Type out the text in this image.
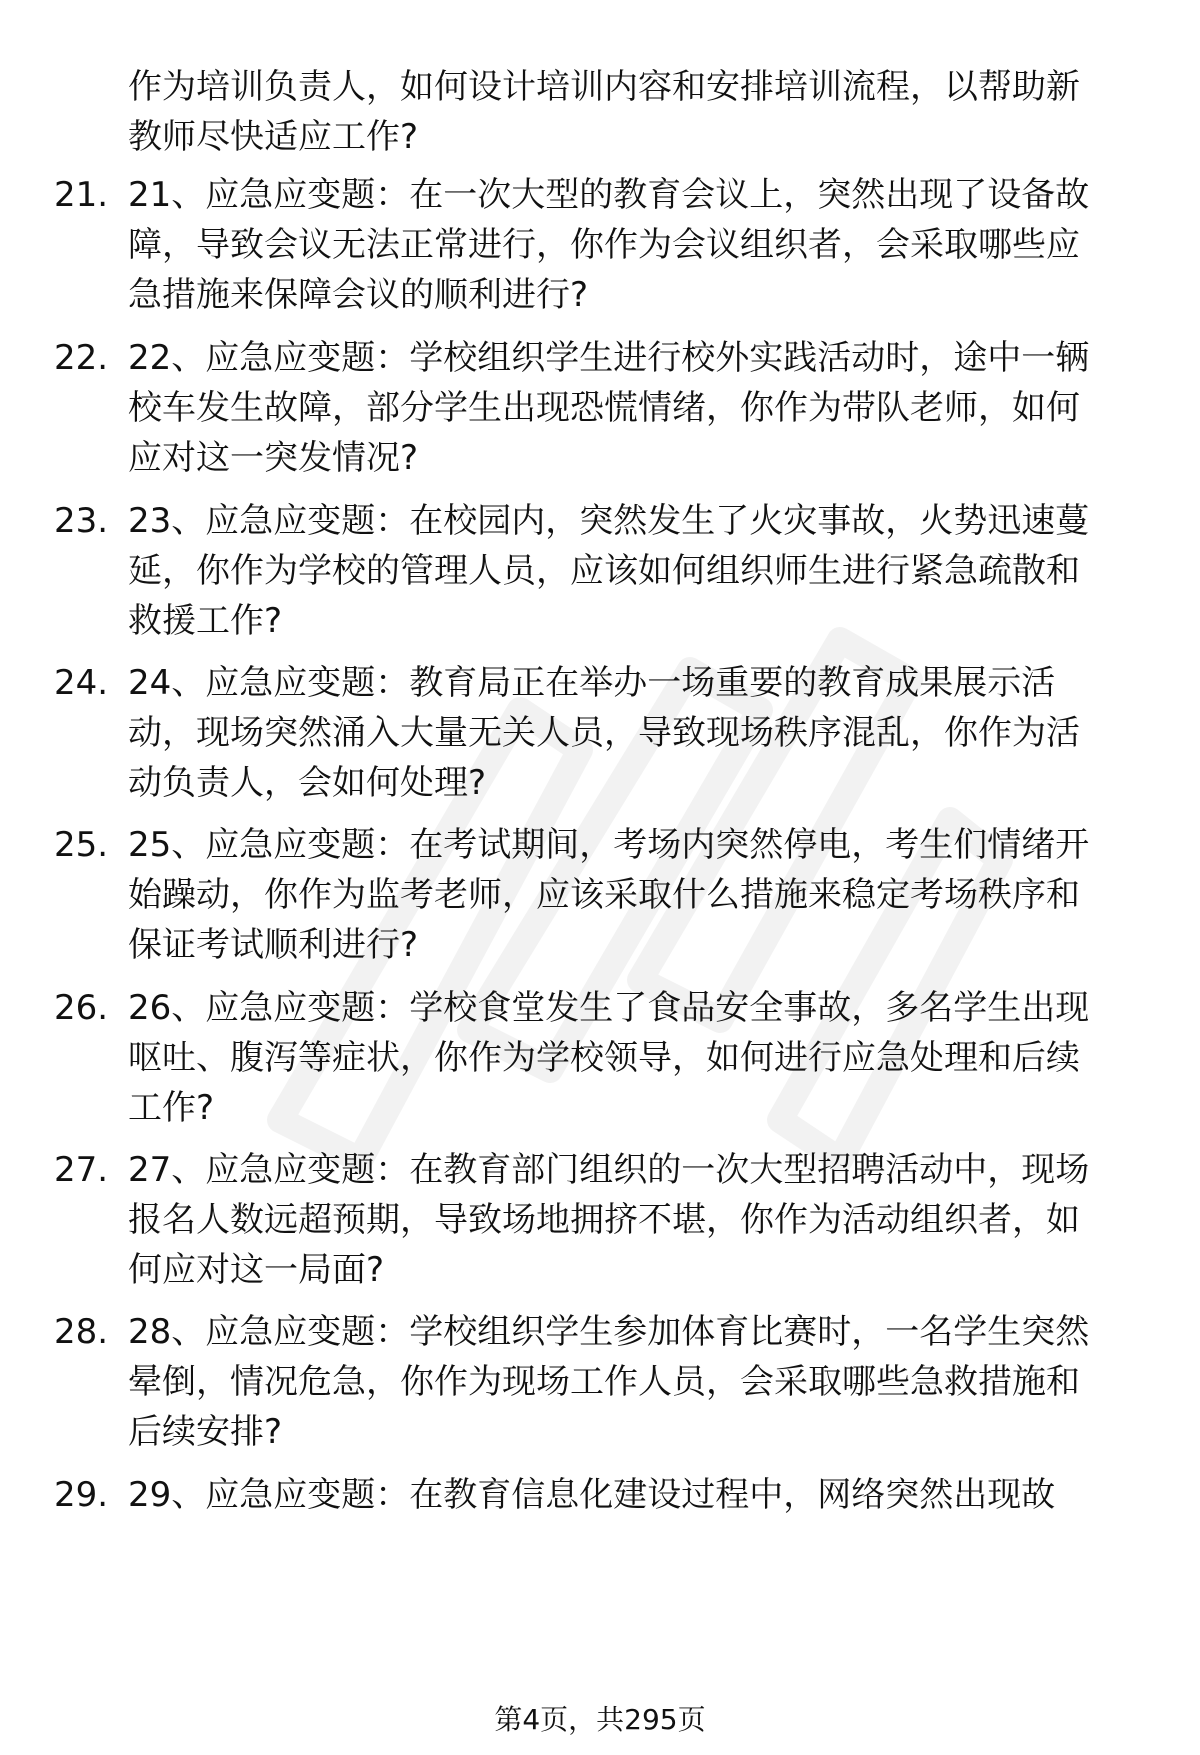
作为培训负责人，如何设计培训内容和安排培训流程，以帮助新
教师尽快适应工作?
21. 21、应急应变题：在一次大型的教育会议上，突然出现了设备故
障，导致会议无法正常进行，你作为会议组织者，会采取哪些应
急措施来保障会议的顺利进行?
22. 22、应急应变题：学校组织学生进行校外实践活动时，途中一辆
校车发生故障，部分学生出现恐慌情绪，你作为带队老师，如何
应对这一突发情况?
23. 23、应急应变题：在校园内，突然发生了火灾事故，火势迅速蔓
延，你作为学校的管理人员，应该如何组织师生进行紧急疏散和
救援工作?
24. 24、应急应变题：教育局正在举办一场重要的教育成果展示活
动，现场突然涌入大量无关人员，导致现场秩序混乱，你作为活
动负责人，会如何处理?
25. 25、应急应变题：在考试期间，考场内突然停电，考生们情绪开
始躁动，你作为监考老师，应该采取什么措施来稳定考场秩序和
保证考试顺利进行?
26. 26、应急应变题：学校食堂发生了食品安全事故，多名学生出现
呕吐、腹泻等症状，你作为学校领导，如何进行应急处理和后续
工作?
27. 27、应急应变题：在教育部门组织的一次大型招聘活动中，现场
报名人数远超预期，导致场地拥挤不堪，你作为活动组织者，如
何应对这一局面?
28. 28、应急应变题：学校组织学生参加体育比赛时，一名学生突然
晕倒，情况危急，你作为现场工作人员，会采取哪些急救措施和
后续安排?
29. 29、应急应变题：在教育信息化建设过程中，网络突然出现故
第4页，共295页
